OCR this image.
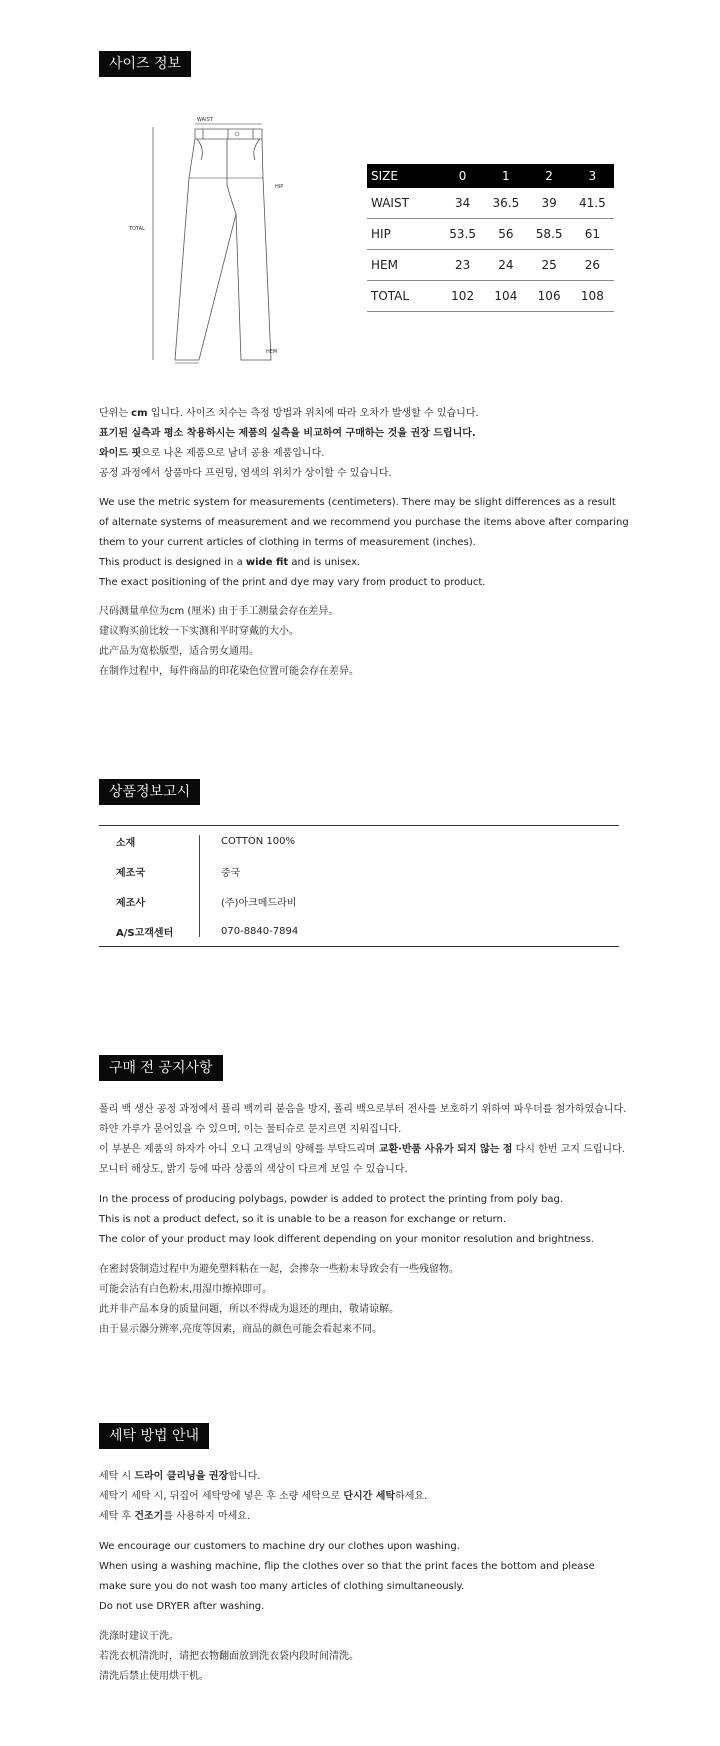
사이즈 정보
WAIST
HIP
TOTAL
HEM
SIZE	0	1	2	3
WAIST	34	36.5	39	41.5
HIP	53.5	56	58.5	61
HEM	23	24	25	26
TOTAL	102	104	106	108
단위는 cm 입니다. 사이즈 치수는 측정 방법과 위치에 따라 오차가 발생할 수 있습니다.
표기된 실측과 평소 착용하시는 제품의 실측을 비교하여 구매하는 것을 권장 드립니다.
와이드 핏으로 나온 제품으로 남녀 공용 제품입니다.
공정 과정에서 상품마다 프린팅, 염색의 위치가 상이할 수 있습니다.
We use the metric system for measurements (centimeters). There may be slight differences as a result
of alternate systems of measurement and we recommend you purchase the items above after comparing
them to your current articles of clothing in terms of measurement (inches).
This product is designed in a wide fit and is unisex.
The exact positioning of the print and dye may vary from product to product.
尺码测量单位为cm (厘米) 由于手工测量会存在差异。
建议购买前比较一下实测和平时穿戴的大小。
此产品为宽松版型，适合男女通用。
在制作过程中，每件商品的印花染色位置可能会存在差异。
상품정보고시
소재	COTTON 100%
제조국	중국
제조사	(주)아크메드라비
A/S고객센터	070-8840-7894
구매 전 공지사항
폴리 백 생산 공정 과정에서 폴리 백끼리 붙음을 방지, 폴리 백으로부터 전사를 보호하기 위하여 파우더를 첨가하였습니다.
하얀 가루가 묻어있을 수 있으며, 이는 물티슈로 문지르면 지워집니다.
이 부분은 제품의 하자가 아니 오니 고객님의 양해를 부탁드리며 교환·반품 사유가 되지 않는 점 다시 한번 고지 드립니다.
모니터 해상도, 밝기 등에 따라 상품의 색상이 다르게 보일 수 있습니다.
In the process of producing polybags, powder is added to protect the printing from poly bag.
This is not a product defect, so it is unable to be a reason for exchange or return.
The color of your product may look different depending on your monitor resolution and brightness.
在密封袋制造过程中为避免塑料粘在一起，会掺杂一些粉末导致会有一些残留物。
可能会沾有白色粉末,用湿巾擦掉即可。
此并非产品本身的质量问题，所以不得成为退还的理由，敬请谅解。
由于显示器分辨率,亮度等因素，商品的颜色可能会看起来不同。
세탁 방법 안내
세탁 시 드라이 클리닝을 권장합니다.
세탁기 세탁 시, 뒤집어 세탁망에 넣은 후 소량 세탁으로 단시간 세탁하세요.
세탁 후 건조기를 사용하지 마세요.
We encourage our customers to machine dry our clothes upon washing.
When using a washing machine, flip the clothes over so that the print faces the bottom and please
make sure you do not wash too many articles of clothing simultaneously.
Do not use DRYER after washing.
洗涤时建议干洗。
若洗衣机清洗时，请把衣物翻面放到洗衣袋内段时间清洗。
清洗后禁止使用烘干机。
